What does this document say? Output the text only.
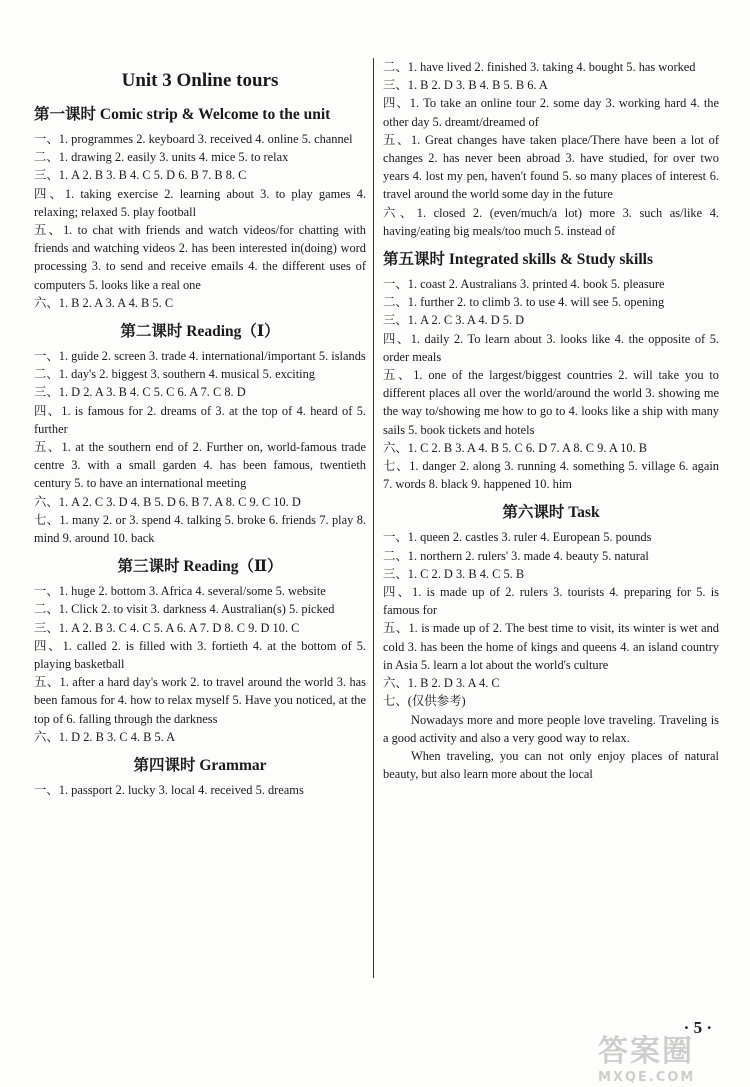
Unit 3 Online tours
第一课时 Comic strip & Welcome to the unit
一、1. programmes 2. keyboard 3. received 4. online 5. channel
二、1. drawing 2. easily 3. units 4. mice 5. to relax
三、1. A 2. B 3. B 4. C 5. D 6. B 7. B 8. C
四、1. taking exercise 2. learning about 3. to play games 4. relaxing; relaxed 5. play football
五、1. to chat with friends and watch videos/for chatting with friends and watching videos 2. has been interested in(doing) word processing 3. to send and receive emails 4. the different uses of computers 5. looks like a real one
六、1. B 2. A 3. A 4. B 5. C
第二课时 Reading（Ⅰ）
一、1. guide 2. screen 3. trade 4. international/important 5. islands
二、1. day's 2. biggest 3. southern 4. musical 5. exciting
三、1. D 2. A 3. B 4. C 5. C 6. A 7. C 8. D
四、1. is famous for 2. dreams of 3. at the top of 4. heard of 5. further
五、1. at the southern end of 2. Further on, world-famous trade centre 3. with a small garden 4. has been famous, twentieth century 5. to have an international meeting
六、1. A 2. C 3. D 4. B 5. D 6. B 7. A 8. C 9. C 10. D
七、1. many 2. or 3. spend 4. talking 5. broke 6. friends 7. play 8. mind 9. around 10. back
第三课时 Reading（Ⅱ）
一、1. huge 2. bottom 3. Africa 4. several/some 5. website
二、1. Click 2. to visit 3. darkness 4. Australian(s) 5. picked
三、1. A 2. B 3. C 4. C 5. A 6. A 7. D 8. C 9. D 10. C
四、1. called 2. is filled with 3. fortieth 4. at the bottom of 5. playing basketball
五、1. after a hard day's work 2. to travel around the world 3. has been famous for 4. how to relax myself 5. Have you noticed, at the top of 6. falling through the darkness
六、1. D 2. B 3. C 4. B 5. A
第四课时 Grammar
一、1. passport 2. lucky 3. local 4. received 5. dreams
二、1. have lived 2. finished 3. taking 4. bought 5. has worked
三、1. B 2. D 3. B 4. B 5. B 6. A
四、1. To take an online tour 2. some day 3. working hard 4. the other day 5. dreamt/dreamed of
五、1. Great changes have taken place/There have been a lot of changes 2. has never been abroad 3. have studied, for over two years 4. lost my pen, haven't found 5. so many places of interest 6. travel around the world some day in the future
六、1. closed 2. (even/much/a lot) more 3. such as/like 4. having/eating big meals/too much 5. instead of
第五课时 Integrated skills & Study skills
一、1. coast 2. Australians 3. printed 4. book 5. pleasure
二、1. further 2. to climb 3. to use 4. will see 5. opening
三、1. A 2. C 3. A 4. D 5. D
四、1. daily 2. To learn about 3. looks like 4. the opposite of 5. order meals
五、1. one of the largest/biggest countries 2. will take you to different places all over the world/around the world 3. showing me the way to/showing me how to go to 4. looks like a ship with many sails 5. book tickets and hotels
六、1. C 2. B 3. A 4. B 5. C 6. D 7. A 8. C 9. A 10. B
七、1. danger 2. along 3. running 4. something 5. village 6. again 7. words 8. black 9. happened 10. him
第六课时 Task
一、1. queen 2. castles 3. ruler 4. European 5. pounds
二、1. northern 2. rulers' 3. made 4. beauty 5. natural
三、1. C 2. D 3. B 4. C 5. B
四、1. is made up of 2. rulers 3. tourists 4. preparing for 5. is famous for
五、1. is made up of 2. The best time to visit, its winter is wet and cold 3. has been the home of kings and queens 4. an island country in Asia 5. learn a lot about the world's culture
六、1. B 2. D 3. A 4. C
七、(仅供参考)
Nowadays more and more people love traveling. Traveling is a good activity and also a very good way to relax.
When traveling, you can not only enjoy places of natural beauty, but also learn more about the local
· 5 ·
答案圈
MXQE.COM
